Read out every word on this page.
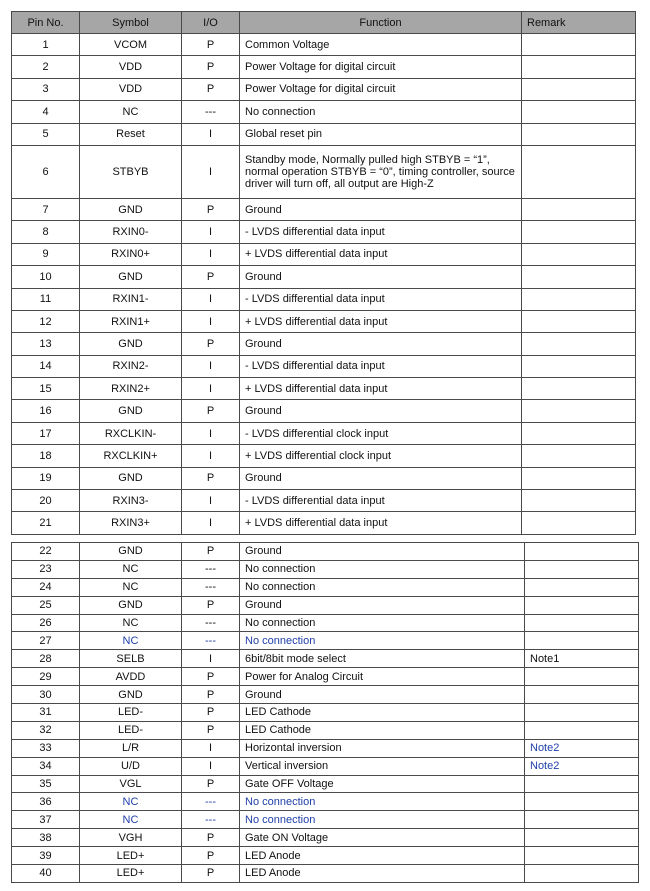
Pin No.	Symbol	I/O	Function	Remark
1	VCOM	P	Common Voltage	
2	VDD	P	Power Voltage for digital circuit	
3	VDD	P	Power Voltage for digital circuit	
4	NC	---	No connection	
5	Reset	I	Global reset pin	
6	STBYB	I	Standby mode, Normally pulled high STBYB = “1”, normal operation STBYB = “0”, timing controller, source driver will turn off, all output are High-Z	
7	GND	P	Ground	
8	RXIN0-	I	- LVDS differential data input	
9	RXIN0+	I	+ LVDS differential data input	
10	GND	P	Ground	
11	RXIN1-	I	- LVDS differential data input	
12	RXIN1+	I	+ LVDS differential data input	
13	GND	P	Ground	
14	RXIN2-	I	- LVDS differential data input	
15	RXIN2+	I	+ LVDS differential data input	
16	GND	P	Ground	
17	RXCLKIN-	I	- LVDS differential clock input	
18	RXCLKIN+	I	+ LVDS differential clock input	
19	GND	P	Ground	
20	RXIN3-	I	- LVDS differential data input	
21	RXIN3+	I	+ LVDS differential data input	
22	GND	P	Ground	
23	NC	---	No connection	
24	NC	---	No connection	
25	GND	P	Ground	
26	NC	---	No connection	
27	NC	---	No connection	
28	SELB	I	6bit/8bit mode select	Note1
29	AVDD	P	Power for Analog Circuit	
30	GND	P	Ground	
31	LED-	P	LED Cathode	
32	LED-	P	LED Cathode	
33	L/R	I	Horizontal inversion	Note2
34	U/D	I	Vertical inversion	Note2
35	VGL	P	Gate OFF Voltage	
36	NC	---	No connection	
37	NC	---	No connection	
38	VGH	P	Gate ON Voltage	
39	LED+	P	LED Anode	
40	LED+	P	LED Anode	
